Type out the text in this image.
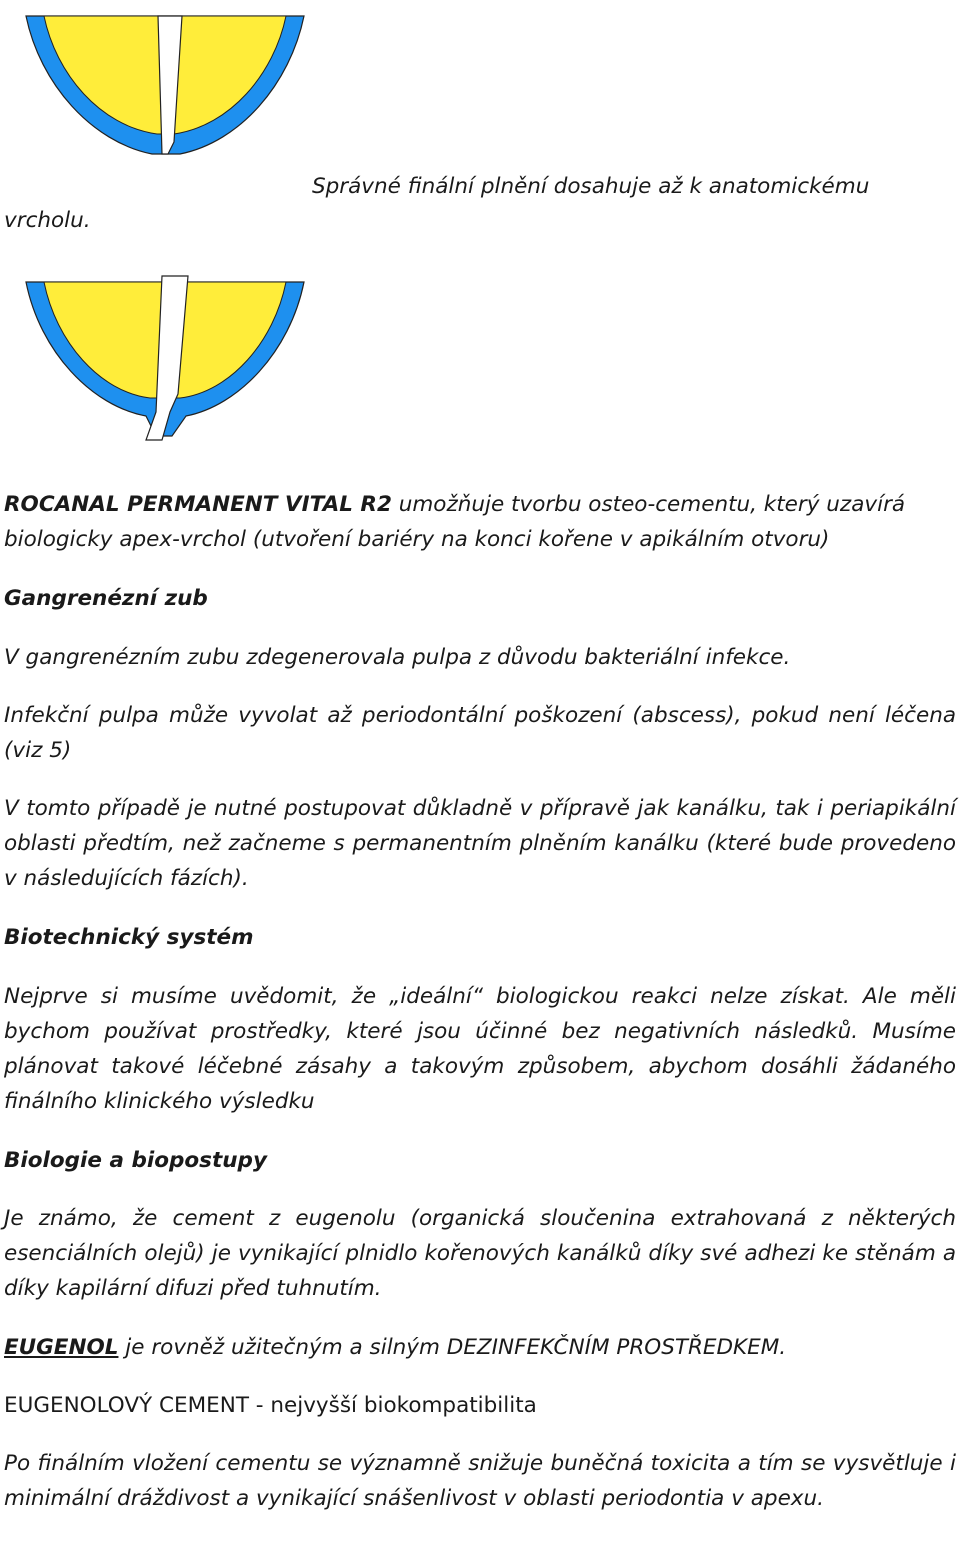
Správné finální plnění dosahuje až k anatomickému

vrcholu.

ROCANAL PERMANENT VITAL R2 umožňuje tvorbu osteo-cementu, který uzavírá
biologicky apex-vrchol (utvoření bariéry na konci kořene v apikálním otvoru)

Gangrenézní zub

V gangrenézním zubu zdegenerovala pulpa z důvodu bakteriální infekce.

Infekční pulpa může vyvolat až periodontální poškození (abscess), pokud není léčena (viz 5)

V tomto případě je nutné postupovat důkladně v přípravě jak kanálku, tak i periapikální oblasti předtím, než začneme s permanentním plněním kanálku (které bude provedeno v následujících fázích).

Biotechnický systém

Nejprve si musíme uvědomit, že „ideální“ biologickou reakci nelze získat. Ale měli bychom používat prostředky, které jsou účinné bez negativních následků. Musíme plánovat takové léčebné zásahy a takovým způsobem, abychom dosáhli žádaného finálního klinického výsledku

Biologie a biopostupy

Je známo, že cement z eugenolu (organická sloučenina extrahovaná z některých esenciálních olejů) je vynikající plnidlo kořenových kanálků díky své adhezi ke stěnám a díky kapilární difuzi před tuhnutím.

EUGENOL je rovněž užitečným a silným DEZINFEKČNÍM PROSTŘEDKEM.

EUGENOLOVÝ CEMENT - nejvyšší biokompatibilita

Po finálním vložení cementu se významně snižuje buněčná toxicita a tím se vysvětluje i minimální dráždivost a vynikající snášenlivost v oblasti periodontia v apexu.
